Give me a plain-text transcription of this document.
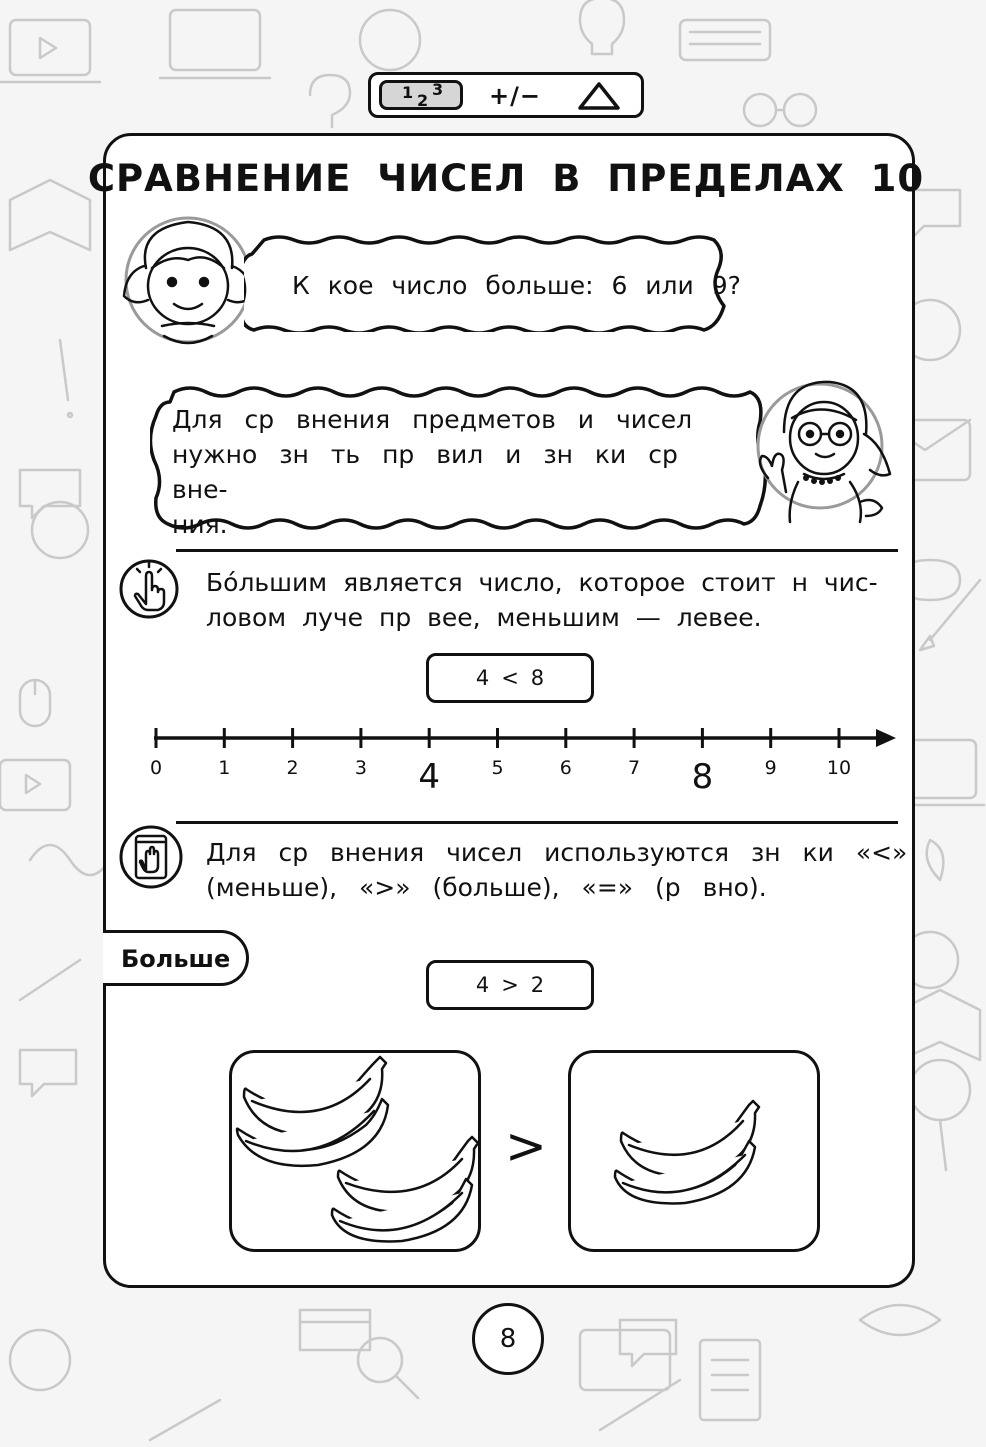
1 2
3 +/−
СРАВНЕНИЕ ЧИСЕЛ В ПРЕДЕЛАХ 10
К кое число больше: 6 или 9?
Для ср внения предметов и чисел
нужно зн ть пр вил и зн ки ср вне-
ния.
Бо́льшим является число, которое стоит н чис-
ловом луче пр вее, меньшим — левее.
4 < 8
0	1	2	3 4	5	6	7 8	9	10
Для ср внения чисел используются зн ки «<»
(меньше), «>» (больше), «=» (р вно).
Больше
4 > 2
>
8
